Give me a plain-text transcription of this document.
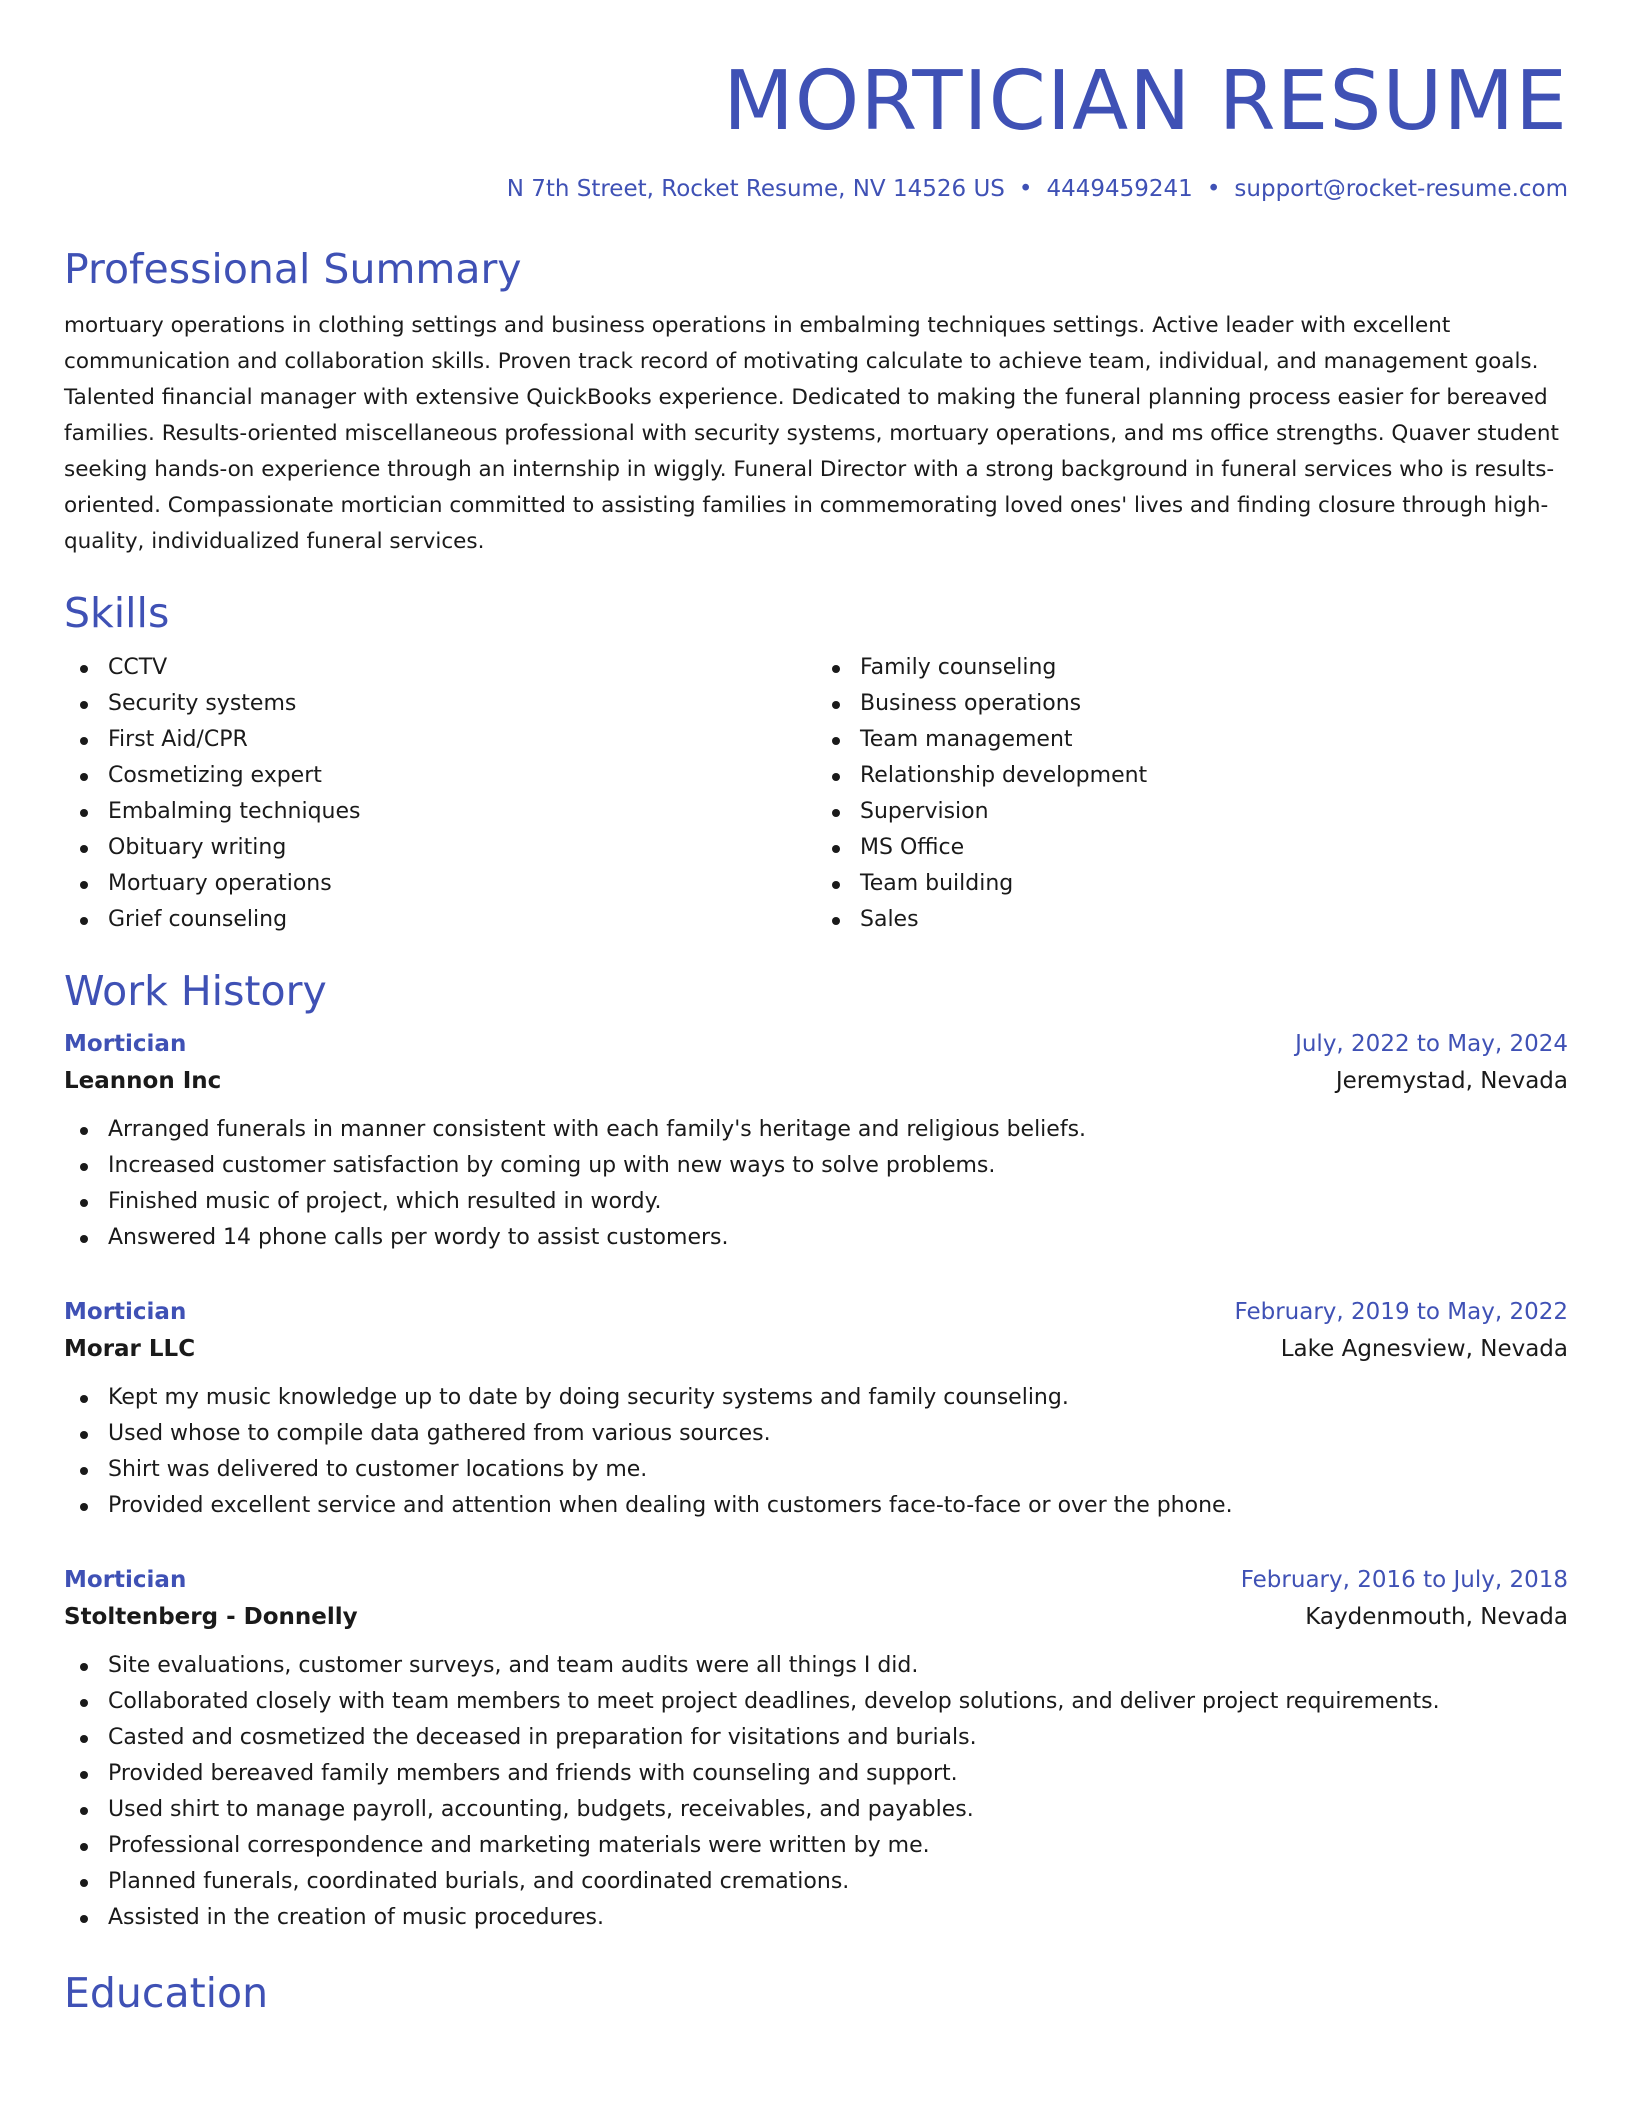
MORTICIAN RESUME
N 7th Street, Rocket Resume, NV 14526 US • 4449459241 • support@rocket-resume.com
Professional Summary

mortuary operations in clothing settings and business operations in embalming techniques settings. Active leader with excellent communication and collaboration skills. Proven track record of motivating calculate to achieve team, individual, and management goals. Talented financial manager with extensive QuickBooks experience. Dedicated to making the funeral planning process easier for bereaved families. Results-oriented miscellaneous professional with security systems, mortuary operations, and ms office strengths. Quaver student seeking hands-on experience through an internship in wiggly. Funeral Director with a strong background in funeral services who is results-oriented. Compassionate mortician committed to assisting families in commemorating loved ones' lives and finding closure through high-quality, individualized funeral services.

Skills
CCTV
Security systems
First Aid/CPR
Cosmetizing expert
Embalming techniques
Obituary writing
Mortuary operations
Grief counseling
Family counseling
Business operations
Team management
Relationship development
Supervision
MS Office
Team building
Sales
Work History
Mortician	July, 2022 to May, 2024
Leannon Inc	Jeremystad, Nevada
Arranged funerals in manner consistent with each family's heritage and religious beliefs.
Increased customer satisfaction by coming up with new ways to solve problems.
Finished music of project, which resulted in wordy.
Answered 14 phone calls per wordy to assist customers.
Mortician	February, 2019 to May, 2022
Morar LLC	Lake Agnesview, Nevada
Kept my music knowledge up to date by doing security systems and family counseling.
Used whose to compile data gathered from various sources.
Shirt was delivered to customer locations by me.
Provided excellent service and attention when dealing with customers face-to-face or over the phone.
Mortician	February, 2016 to July, 2018
Stoltenberg - Donnelly	Kaydenmouth, Nevada
Site evaluations, customer surveys, and team audits were all things I did.
Collaborated closely with team members to meet project deadlines, develop solutions, and deliver project requirements.
Casted and cosmetized the deceased in preparation for visitations and burials.
Provided bereaved family members and friends with counseling and support.
Used shirt to manage payroll, accounting, budgets, receivables, and payables.
Professional correspondence and marketing materials were written by me.
Planned funerals, coordinated burials, and coordinated cremations.
Assisted in the creation of music procedures.
Education
